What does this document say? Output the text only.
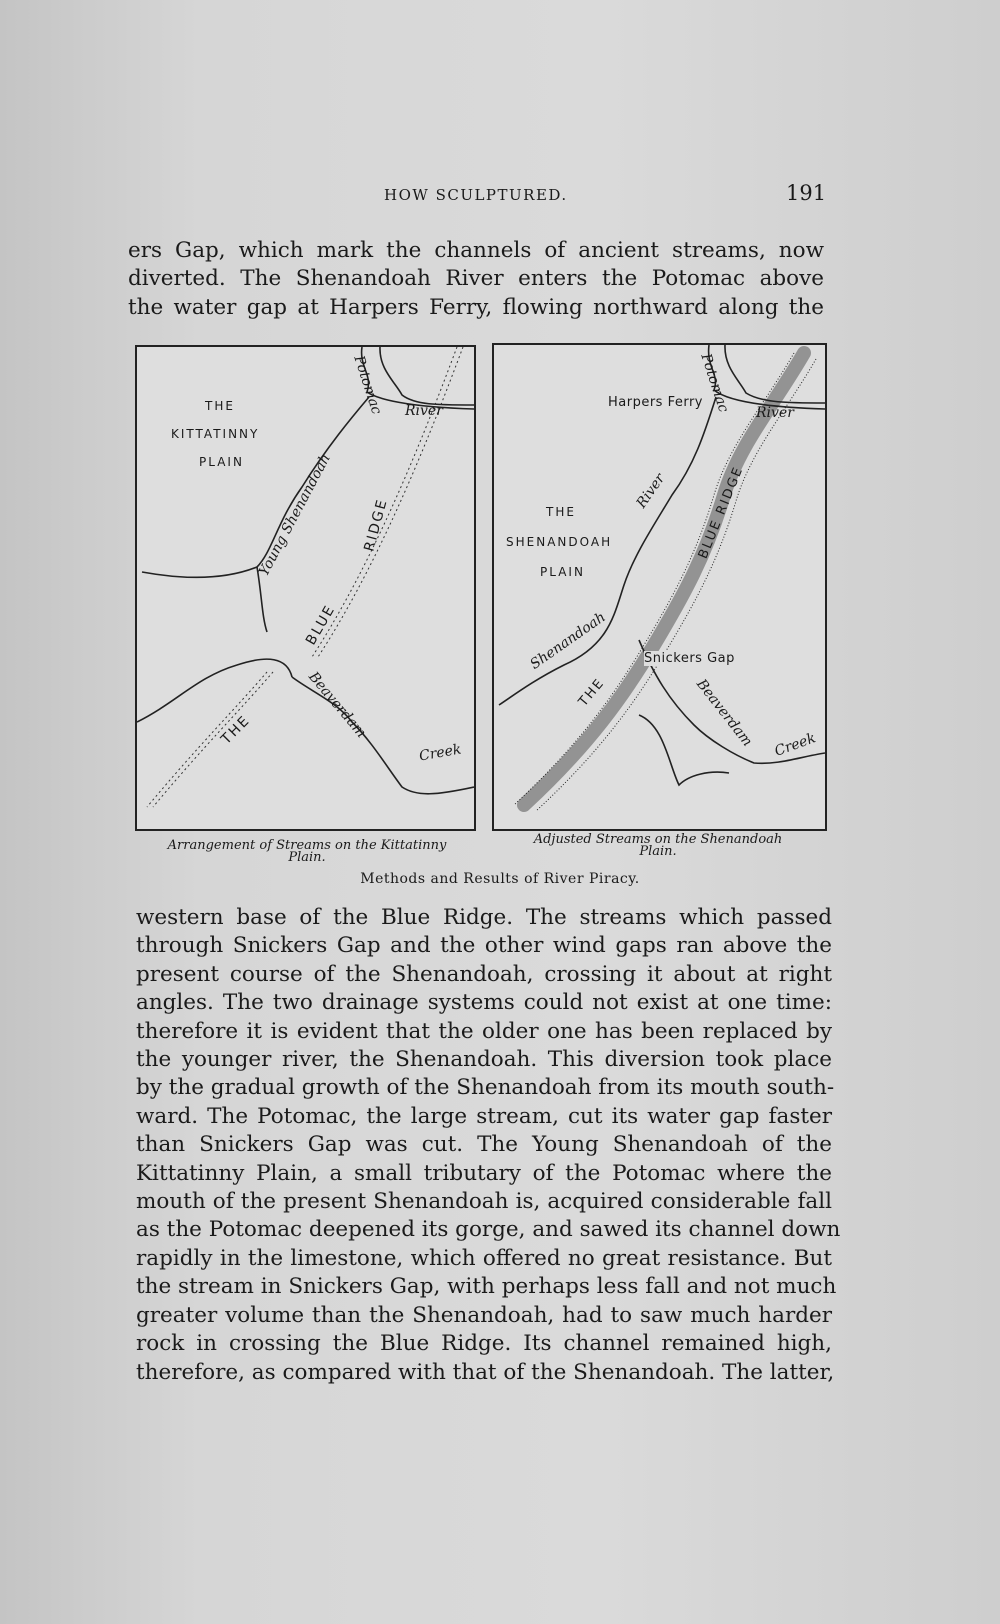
HOW SCULPTURED.	191
ers Gap, which mark the channels of ancient streams, now
diverted. The Shenandoah River enters the Potomac above
the water gap at Harpers Ferry, flowing northward along the
THE
KITTATINNY
PLAIN
Potomac River
Young Shenandoah
BLUE
RIDGE
THE	Beaverdam
Creek
Harpers Ferry
Potomac River
THE
SHENANDOAH
PLAIN
River
Shenandoah
BLUE RIDGE
THE
Snickers Gap
Beaverdam Creek
Arrangement of Streams on the Kittatinny
Plain.
Adjusted Streams on the Shenandoah
Plain.
Methods and Results of River Piracy.
western base of the Blue Ridge. The streams which passed
through Snickers Gap and the other wind gaps ran above the
present course of the Shenandoah, crossing it about at right
angles. The two drainage systems could not exist at one time:
therefore it is evident that the older one has been replaced by
the younger river, the Shenandoah. This diversion took place
by the gradual growth of the Shenandoah from its mouth south-
ward. The Potomac, the large stream, cut its water gap faster
than Snickers Gap was cut. The Young Shenandoah of the
Kittatinny Plain, a small tributary of the Potomac where the
mouth of the present Shenandoah is, acquired considerable fall
as the Potomac deepened its gorge, and sawed its channel down
rapidly in the limestone, which offered no great resistance. But
the stream in Snickers Gap, with perhaps less fall and not much
greater volume than the Shenandoah, had to saw much harder
rock in crossing the Blue Ridge. Its channel remained high,
therefore, as compared with that of the Shenandoah. The latter,
